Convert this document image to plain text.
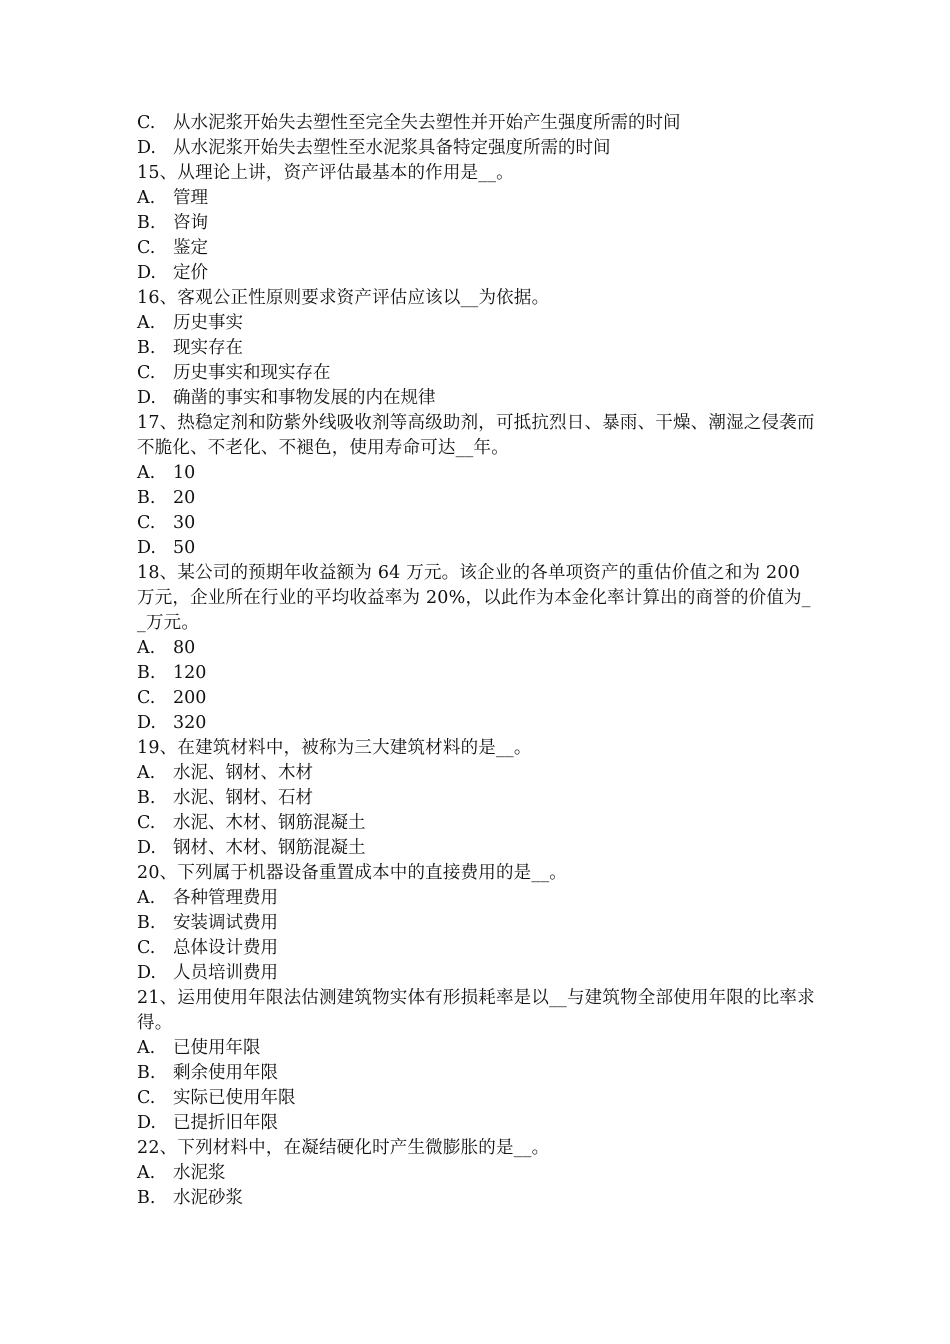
C.	从水泥浆开始失去塑性至完全失去塑性并开始产生强度所需的时间
D. 从水泥浆开始失去塑性至水泥浆具备特定强度所需的时间
15、从理论上讲，资产评估最基本的作用是__。
A.	管理
B.	咨询
C.	鉴定
D. 定价
16、客观公正性原则要求资产评估应该以__为依据。
A.	历史事实
B.	现实存在
C.	历史事实和现实存在
D. 确凿的事实和事物发展的内在规律
17、热稳定剂和防紫外线吸收剂等高级助剂，可抵抗烈日、暴雨、干燥、潮湿之侵袭而不脆化、不老化、不褪色，使用寿命可达__年。
A.	10
B.	20
C.	30
D. 50
18、某公司的预期年收益额为 64 万元。该企业的各单项资产的重估价值之和为 200 万元，企业所在行业的平均收益率为 20%，以此作为本金化率计算出的商誉的价值为__万元。
A.	80
B.	120
C.	200
D. 320
19、在建筑材料中，被称为三大建筑材料的是__。
A.	水泥、钢材、木材
B.	水泥、钢材、石材
C.	水泥、木材、钢筋混凝土
D. 钢材、木材、钢筋混凝土
20、下列属于机器设备重置成本中的直接费用的是__。
A.	各种管理费用
B.	安装调试费用
C.	总体设计费用
D. 人员培训费用
21、运用使用年限法估测建筑物实体有形损耗率是以__与建筑物全部使用年限的比率求得。
A.	已使用年限
B.	剩余使用年限
C.	实际已使用年限
D. 已提折旧年限
22、下列材料中，在凝结硬化时产生微膨胀的是__。
A.	水泥浆
B.	水泥砂浆
